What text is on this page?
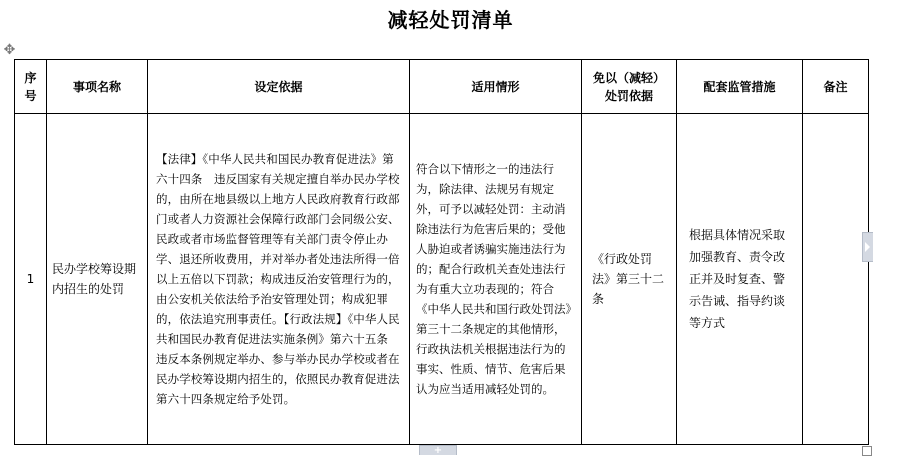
减轻处罚清单
✥
序号	事项名称	设定依据	适用情形	免以（减轻）处罚依据	配套监管措施	备注
1	民办学校筹设期内招生的处罚	【法律】《中华人民共和国民办教育促进法》第六十四条　违反国家有关规定擅自举办民办学校的，由所在地县级以上地方人民政府教育行政部门或者人力资源社会保障行政部门会同级公安、民政或者市场监督管理等有关部门责令停止办学、退还所收费用，并对举办者处违法所得一倍以上五倍以下罚款；构成违反治安管理行为的，由公安机关依法给予治安管理处罚；构成犯罪的，依法追究刑事责任。【行政法规】《中华人民共和国民办教育促进法实施条例》第六十五条　违反本条例规定举办、参与举办民办学校或者在民办学校筹设期内招生的，依照民办教育促进法第六十四条规定给予处罚。	符合以下情形之一的违法行为，除法律、法规另有规定外，可予以减轻处罚：主动消除违法行为危害后果的；受他人胁迫或者诱骗实施违法行为的；配合行政机关查处违法行为有重大立功表现的；符合《中华人民共和国行政处罚法》第三十二条规定的其他情形，行政执法机关根据违法行为的事实、性质、情节、危害后果认为应当适用减轻处罚的。	《行政处罚法》第三十二条	根据具体情况采取加强教育、责令改正并及时复查、警示告诫、指导约谈等方式	

+
